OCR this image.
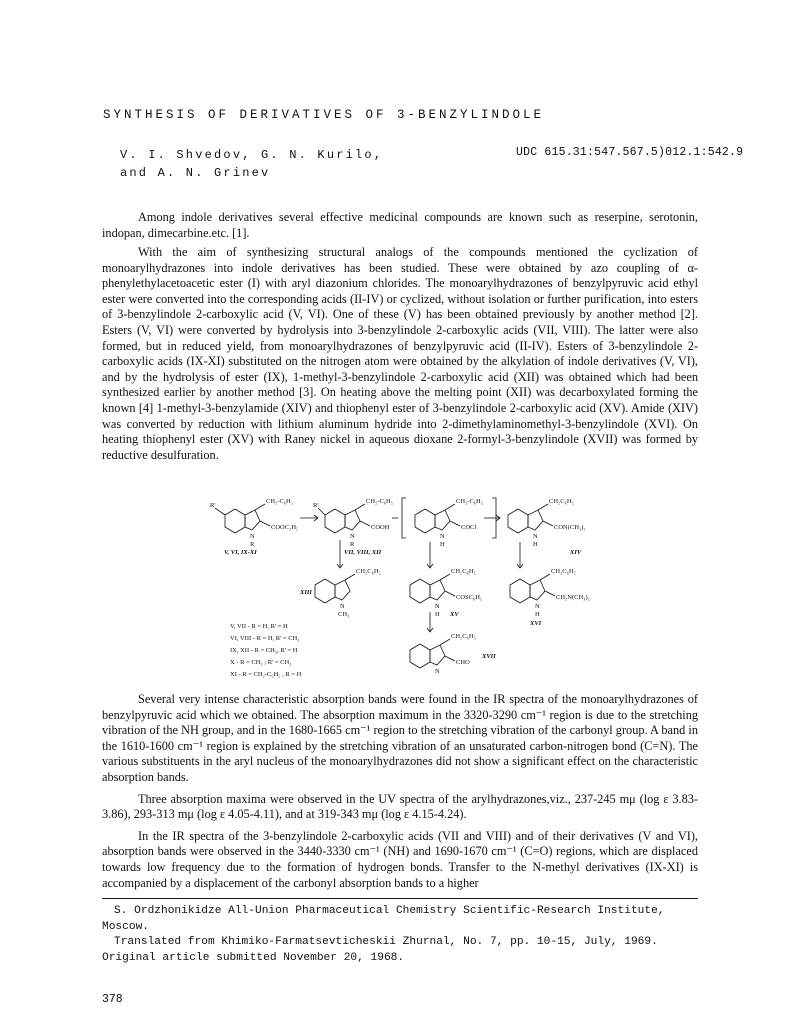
SYNTHESIS OF DERIVATIVES OF 3-BENZYLINDOLE
V. I. Shvedov, G. N. Kurilo,
and A. N. Grinev
UDC 615.31:547.567.5)012.1:542.9

Among indole derivatives several effective medicinal compounds are known such as reserpine, serotonin, indopan, dimecarbine.etc. [1].

With the aim of synthesizing structural analogs of the compounds mentioned the cyclization of monoarylhydrazones into indole derivatives has been studied. These were obtained by azo coupling of α-phenylethylacetoacetic ester (I) with aryl diazonium chlorides. The monoarylhydrazones of benzylpyruvic acid ethyl ester were converted into the corresponding acids (II-IV) or cyclized, without isolation or further purification, into esters of 3-benzylindole 2-carboxylic acid (V, VI). One of these (V) has been obtained previously by another method [2]. Esters (V, VI) were converted by hydrolysis into 3-benzylindole 2-carboxylic acids (VII, VIII). The latter were also formed, but in reduced yield, from monoarylhydrazones of benzylpyruvic acid (II-IV). Esters of 3-benzylindole 2-carboxylic acids (IX-XI) substituted on the nitrogen atom were obtained by the alkylation of indole derivatives (V, VI), and by the hydrolysis of ester (IX), 1-methyl-3-benzylindole 2-carboxylic acid (XII) was obtained which had been synthesized earlier by another method [3]. On heating above the melting point (XII) was decarboxylated forming the known [4] 1-methyl-3-benzylamide (XIV) and thiophenyl ester of 3-benzylindole 2-carboxylic acid (XV). Amide (XIV) was converted by reduction with lithium aluminum hydride into 2-dimethylaminomethyl-3-benzylindole (XVI). On heating thiophenyl ester (XV) with Raney nickel in aqueous dioxane 2-formyl-3-benzylindole (XVII) was formed by reductive desulfuration.

CH₂-C₆H₅	CH₂-C₆H₅	CH₂-C₆H₅	CH₂C₆H₅
CH₂C₆H₅	CH₂C₆H₅	CH₂C₆H₅
CH₂C₆H₅
COOC₂H₅	COOH	COCl	CON(CH₃)₂
COSC₆H₅	CH₂N(CH₃)₂
CHO
R'	R'
N	N	N	N
N	N	N
N
R	R	H	H
H	H
CH₃
V, VI, IX-XI	VII, VIII, XII
XIII
XIV
XV
XVI
XVII
V, VII - R = H, R' = H
VI, VIII - R = H, R' = CH₃
IX, XII - R = CH₃, R' = H
X - R = CH₃ ; R' = CH₃
XI - R = CH₂-C₆H₅ , R = H

Several very intense characteristic absorption bands were found in the IR spectra of the monoarylhydrazones of benzylpyruvic acid which we obtained. The absorption maximum in the 3320-3290 cm⁻¹ region is due to the stretching vibration of the NH group, and in the 1680-1665 cm⁻¹ region to the stretching vibration of the carbonyl group. A band in the 1610-1600 cm⁻¹ region is explained by the stretching vibration of an unsaturated carbon-nitrogen bond (C=N). The various substituents in the aryl nucleus of the monoarylhydrazones did not show a significant effect on the characteristic absorption bands.

Three absorption maxima were observed in the UV spectra of the arylhydrazones,viz., 237-245 mμ (log ε 3.83-3.86), 293-313 mμ (log ε 4.05-4.11), and at 319-343 mμ (log ε 4.15-4.24).

In the IR spectra of the 3-benzylindole 2-carboxylic acids (VII and VIII) and of their derivatives (V and VI), absorption bands were observed in the 3440-3330 cm⁻¹ (NH) and 1690-1670 cm⁻¹ (C=O) regions, which are displaced towards low frequency due to the formation of hydrogen bonds. Transfer to the N-methyl derivatives (IX-XI) is accompanied by a displacement of the carbonyl absorption bands to a higher

S. Ordzhonikidze All-Union Pharmaceutical Chemistry Scientific-Research Institute, Moscow.

Translated from Khimiko-Farmatsevticheskii Zhurnal, No. 7, pp. 10-15, July, 1969. Original article submitted November 20, 1968.

378
